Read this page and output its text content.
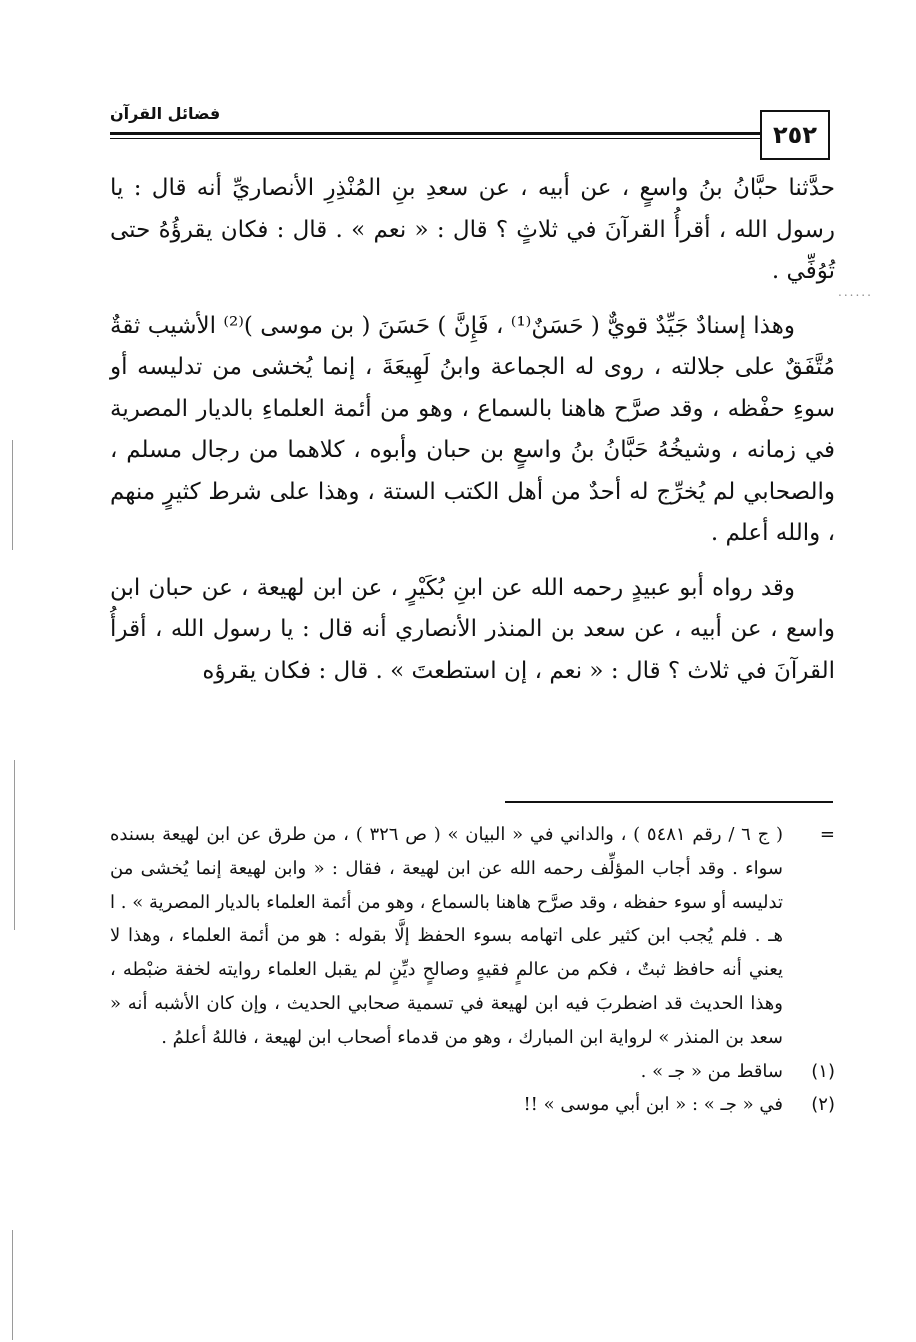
٢٥٢
فضائل القرآن

حدَّثنا حبَّانُ بنُ واسعٍ ، عن أبيه ، عن سعدِ بنِ المُنْذِرِ الأنصاريِّ أنه قال : يا رسول الله ، أقرأُ القرآنَ في ثلاثٍ ؟ قال : « نعم » . قال : فكان يقرؤُهُ حتى تُوُفِّي .

وهذا إسنادٌ جَيِّدٌ قويٌّ ( حَسَنٌ⁽¹⁾ ، فَإِنَّ ) حَسَنَ ( بن موسى )⁽²⁾ الأشيب ثقةٌ مُتَّفَقٌ على جلالته ، روى له الجماعة وابنُ لَهِيعَةَ ، إنما يُخشى من تدليسه أو سوءِ حفْظه ، وقد صرَّح هاهنا بالسماع ، وهو من أئمة العلماءِ بالديار المصرية في زمانه ، وشيخُهُ حَبَّانُ بنُ واسعٍ بن حبان وأبوه ، كلاهما من رجال مسلم ، والصحابي لم يُخرِّج له أحدٌ من أهل الكتب الستة ، وهذا على شرط كثيرٍ منهم ، والله أعلم .

وقد رواه أبو عبيدٍ رحمه الله عن ابنِ بُكَيْرٍ ، عن ابن لهيعة ، عن حبان ابن واسع ، عن أبيه ، عن سعد بن المنذر الأنصاري أنه قال : يا رسول الله ، أقرأُ القرآنَ في ثلاث ؟ قال : « نعم ، إن استطعتَ » . قال : فكان يقرؤه

......
=
( ج ٦ / رقم ٥٤٨١ ) ، والداني في « البيان » ( ص ٣٢٦ ) ، من طرق عن ابن لهيعة بسنده سواء . وقد أجاب المؤلِّف رحمه الله عن ابن لهيعة ، فقال : « وابن لهيعة إنما يُخشى من تدليسه أو سوء حفظه ، وقد صرَّح هاهنا بالسماع ، وهو من أئمة العلماء بالديار المصرية » . ا هـ . فلم يُجب ابن كثير على اتهامه بسوء الحفظ إلَّا بقوله : هو من أئمة العلماء ، وهذا لا يعني أنه حافظ ثبتٌ ، فكم من عالمٍ فقيهٍ وصالحٍ ديِّنٍ لم يقبل العلماء روايته لخفة ضبْطه ، وهذا الحديث قد اضطربَ فيه ابن لهيعة في تسمية صحابي الحديث ، وإن كان الأشبه أنه « سعد بن المنذر » لرواية ابن المبارك ، وهو من قدماء أصحاب ابن لهيعة ، فاللهُ أعلمُ .
(١)
ساقط من « جـ » .
(٢)
في « جـ » : « ابن أبي موسى » !!
